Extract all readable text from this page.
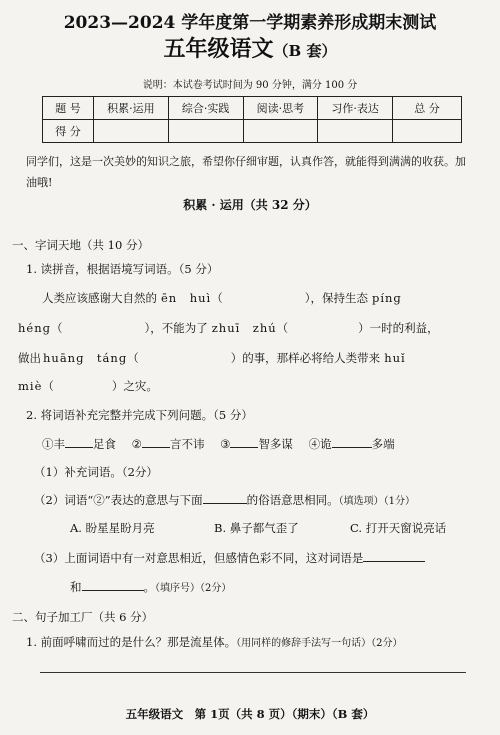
2023—2024 学年度第一学期素养形成期末测试
五年级语文（B 套）
说明：本试卷考试时间为 90 分钟，满分 100 分
题 号	积累·运用	综合·实践	阅读·思考	习作·表达	总 分
得 分					
同学们，这是一次美妙的知识之旅，希望你仔细审题，认真作答，就能得到满满的收获。加油哦!
积累 · 运用（共 32 分）
一、字词天地（共 10 分）
1. 读拼音，根据语境写词语。（5 分）
人类应该感谢大自然的 ēn　huì（	），保持生态 pínɡ
hénɡ（	），不能为了 zhuī　zhú（	）一时的利益，
做出 huānɡ　tánɡ（	）的事，那样必将给人类带来 huǐ
miè（	）之灾。
2. 将词语补充完整并完成下列问题。（5 分）
①丰 足食 ② 言不讳 ③ 智多谋 ④诡	多端
（1）补充词语。（2分）
（2）词语“②”表达的意思与下面	的俗语意思相同。（填选项）（1分）
A. 盼星星盼月亮	B. 鼻子都气歪了	C. 打开天窗说亮话
（3）上面词语中有一对意思相近，但感情色彩不同，这对词语是
和	。（填序号）（2分）
二、句子加工厂（共 6 分）
1. 前面呼啸而过的是什么？那是流星体。（用同样的修辞手法写一句话）（2分）
五年级语文　第 1页（共 8 页）（期末）（B 套）
